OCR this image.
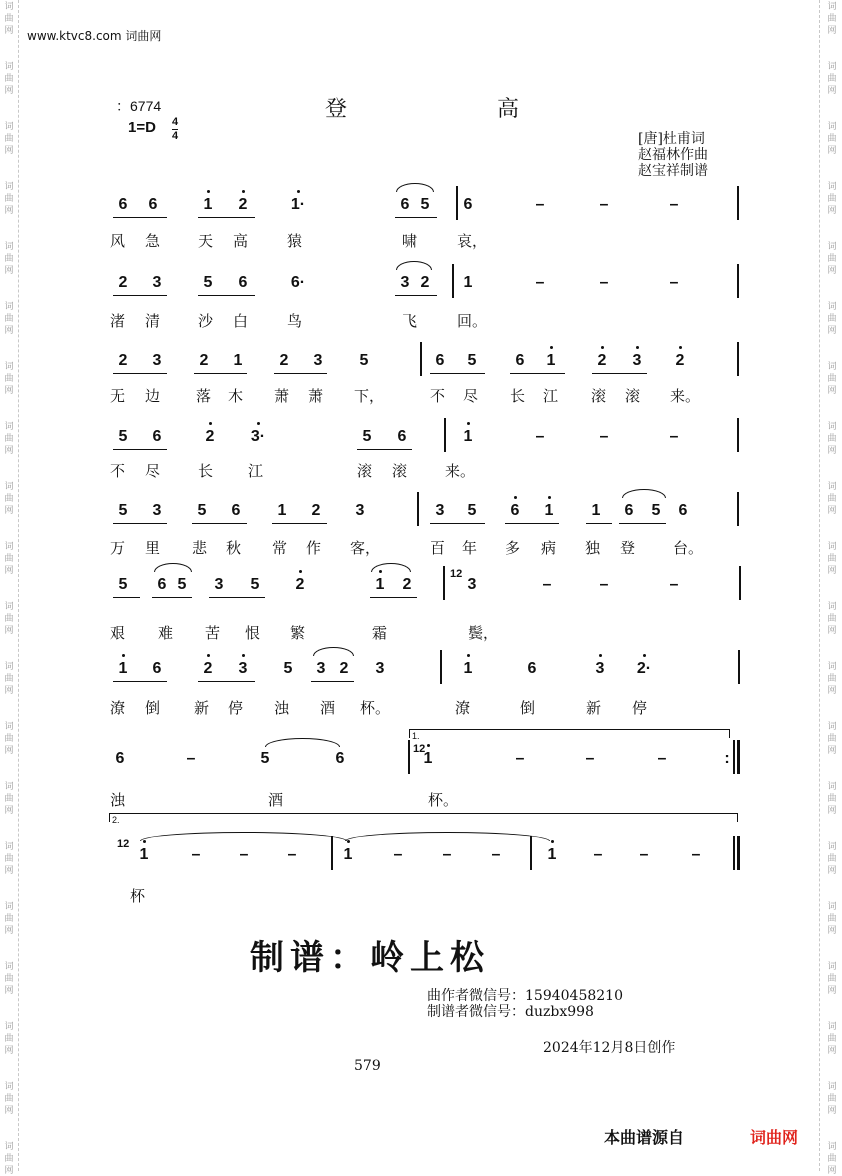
www.ktvc8.com 词曲网
：6774	登	高
1=D 4
4	[唐]杜甫词
赵福林作曲
赵宝祥制谱
6	6	1	2	1·	6 5	6	–	–	–
风 急	天 高	猿	啸	哀，
2	3	5	6	6·	3 2	1	–	–	–
渚 清	沙 白	鸟	飞	回。
2	3	2	1	2	3	5	6	5	6	1	2	3	2
无 边 落 木 萧 萧 下，	不 尽 长 江 滚 滚 来。
5	6	2	3·	5	6	1	–	–	–
不 尽	长 江	滚 滚	来。
5	3	5	6	1	2	3	3	5	6	1	1	6	5	6
万 里 悲 秋 常 作 客，	百 年 多 病 独 登	台。
5	6 5	3	5	2	1	2	3	–	–	–
艰 难 苦 恨 繁	霜	鬓，
1	6	2	3	5	3 2	3	1	6	3	2·
潦 倒 新 停 浊 酒 杯。	潦	倒	新 停
6	–	5	6	1	–	–	–	:
浊	酒	杯。
1.
1	–	–	–	1	–	–	–	1	–	–	–
杯
2.
12
12
12
制谱：岭上松
曲作者微信号：15940458210
制谱者微信号：duzbx998
2024年12月8日创作
579
本曲谱源自	词曲网
词
曲
网
词
曲
网
词
曲
网
词
曲
网
词
曲
网
词
曲
网
词
曲
网
词
曲
网
词
曲
网
词
曲
网
词
曲
网
词
曲
网
词
曲
网
词
曲
网
词
曲
网
词
曲
网
词
曲
网
词
曲
网
词
曲
网
词
曲
网
词
曲
网
词
曲
网
词
曲
网
词
曲
网
词
曲
网
词
曲
网
词
曲
网
词
曲
网
词
曲
网
词
曲
网
词
曲
网
词
曲
网
词
曲
网
词
曲
网
词
曲
网
词
曲
网
词
曲
网
词
曲
网
词
曲
网
词
曲
网
